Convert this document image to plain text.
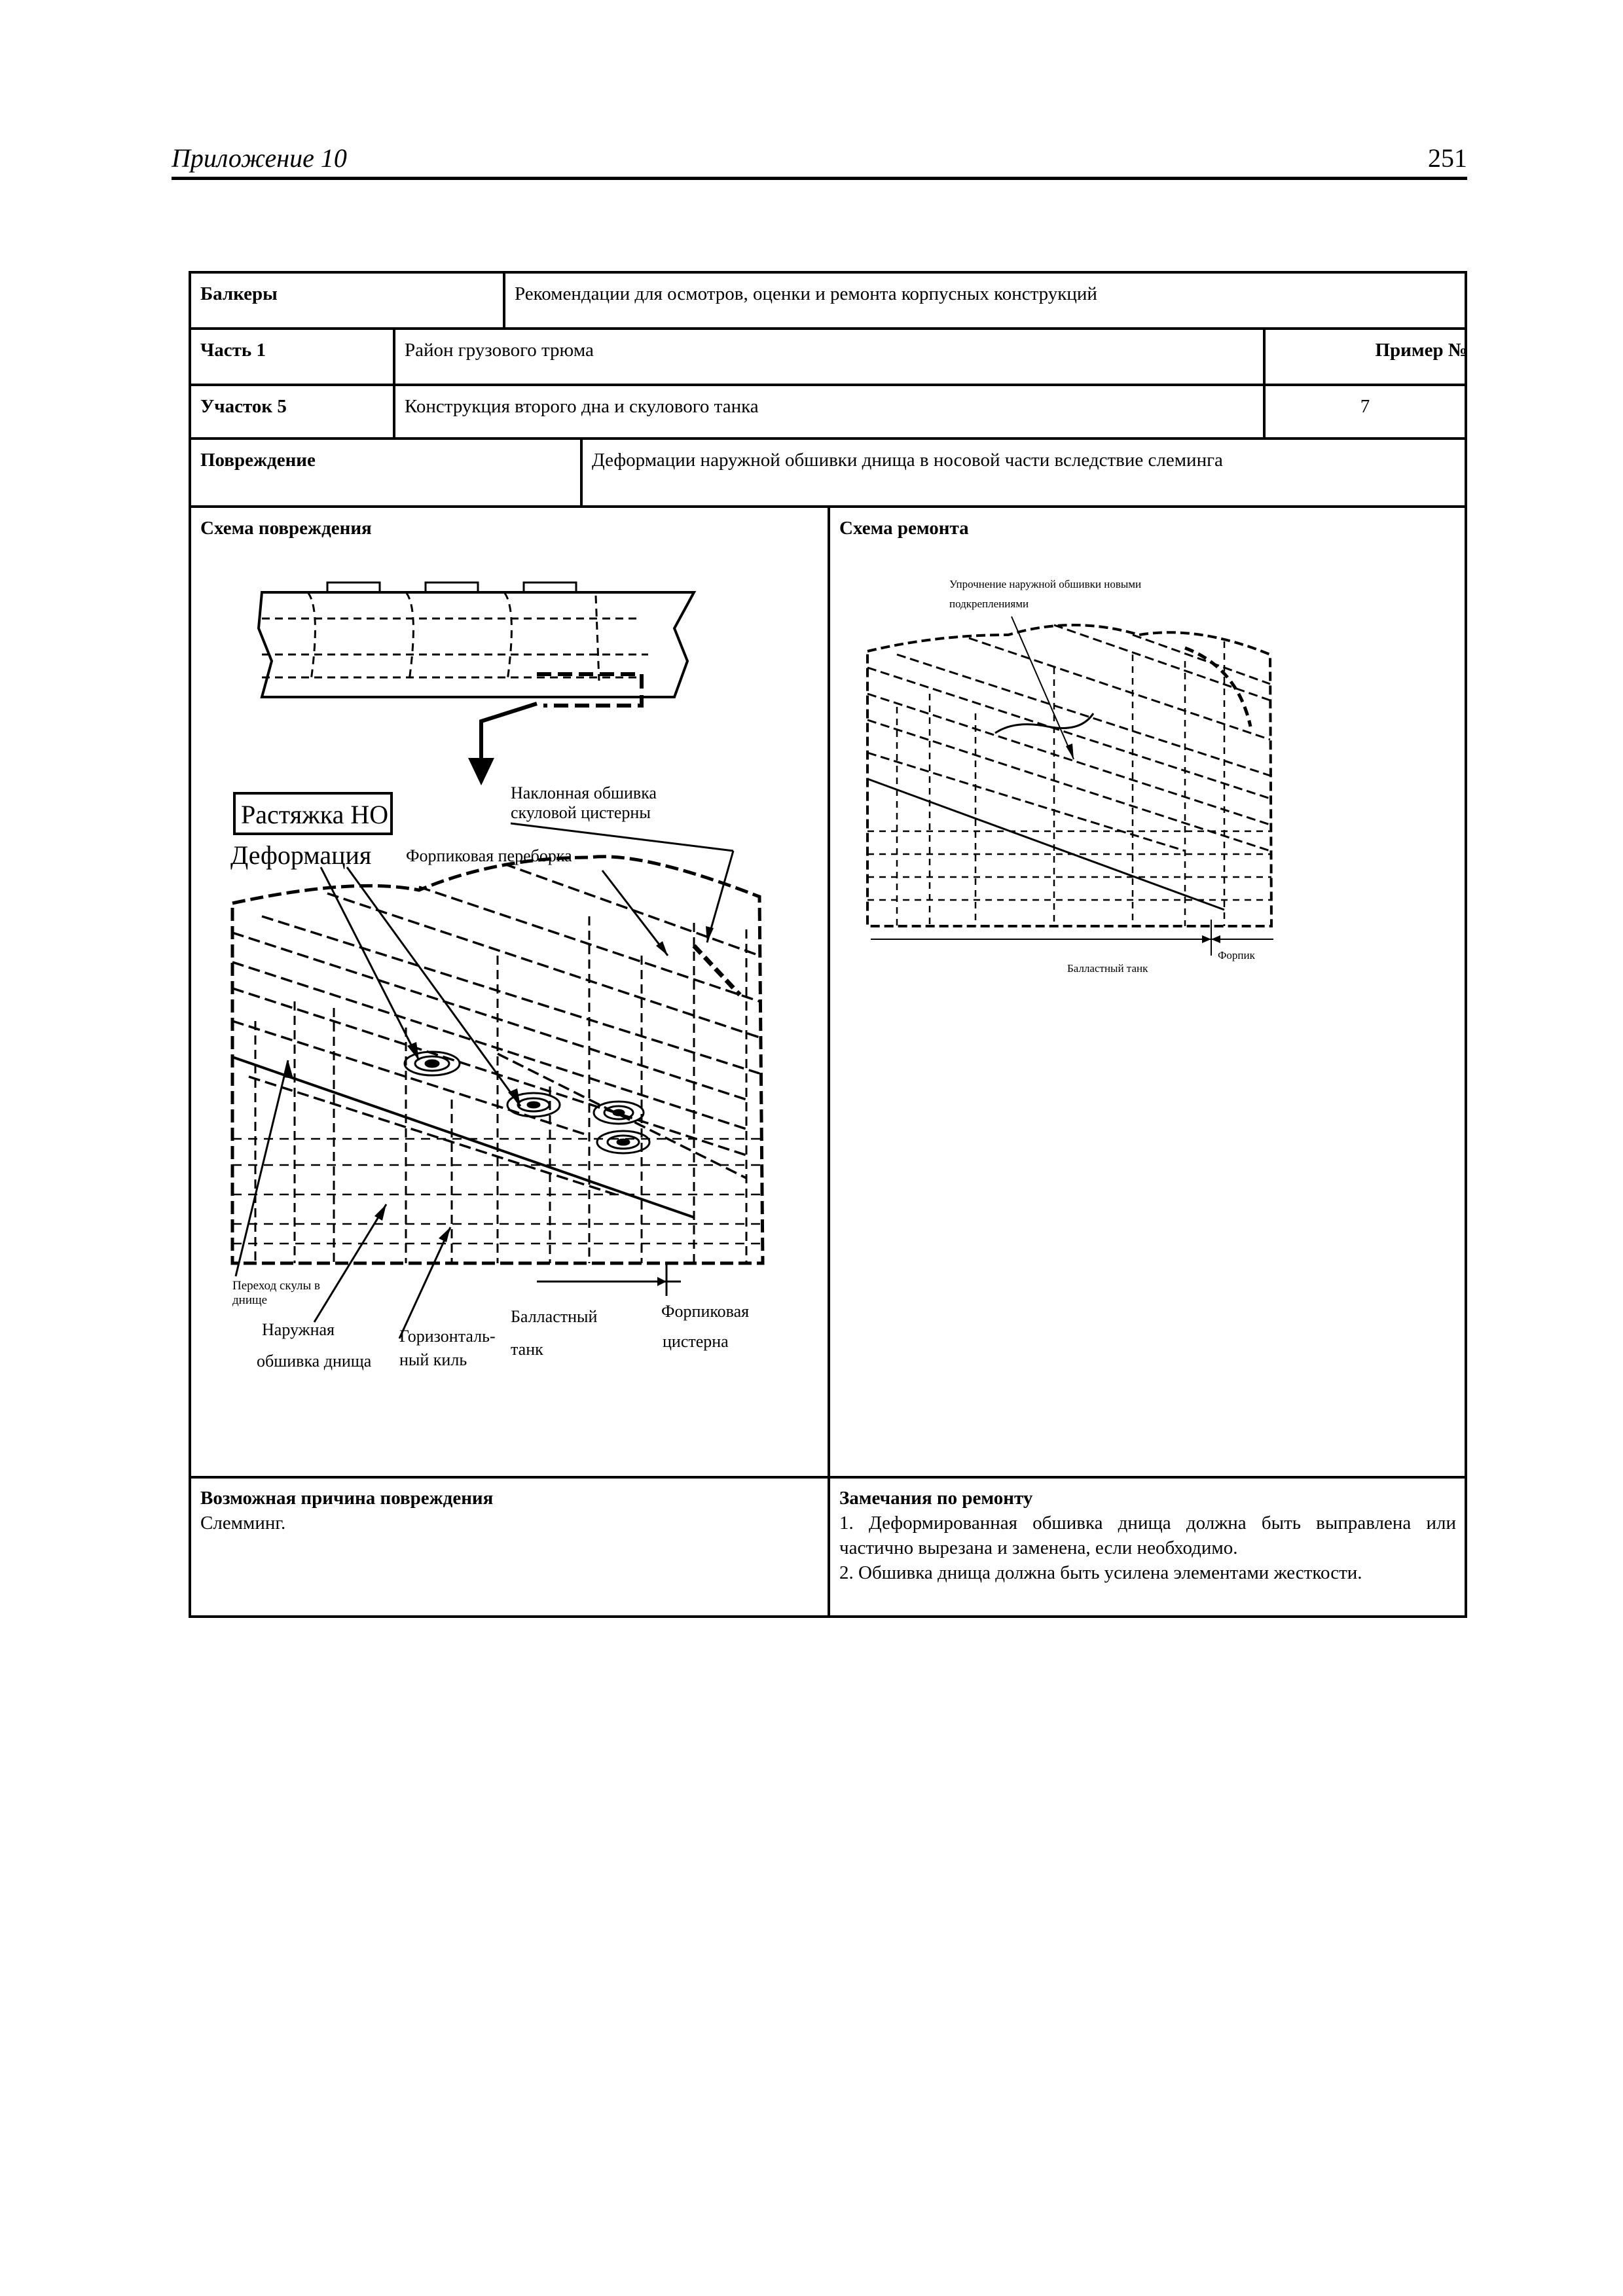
Приложение 10	251
Балкеры	Рекомендации для осмотров, оценки и ремонта корпусных конструкций
Часть 1	Район грузового трюма	Пример №
Участок 5	Конструкция второго дна и скулового танка	7
Повреждение	Деформации наружной обшивки днища в носовой части вследствие слеминга
Схема повреждения	Схема ремонта
Возможная причина повреждения
Слемминг.
Замечания по ремонту
1. Деформированная обшивка днища должна быть выправлена или частично вырезана и заменена, если необходимо.
2. Обшивка днища должна быть усилена элементами жесткости.
Растяжка НО
Деформация Форпиковая переборка
Наклонная обшивка
скуловой цистерны
Переход скулы в
днище
Наружная
обшивка днища
Горизонталь-
ный киль
Балластный
танк
Форпиковая
цистерна
Упрочнение наружной обшивки новыми
подкреплениями
Балластный танк
Форпик
